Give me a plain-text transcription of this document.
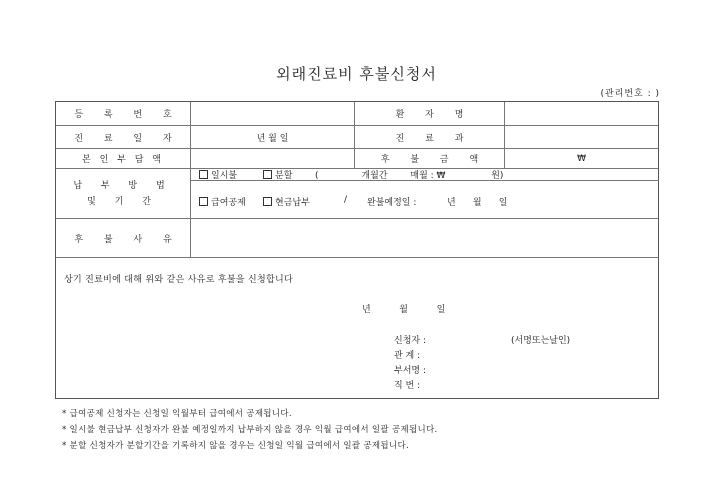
외래진료비 후불신청서
(관리번호 : )
등 록 번 호	환 자 명
진 료 일 자	년 월 일	진 료 과
본 인 부 담 액	후 불 금 액	₩
납 부 방 법
및 기 간
일시불	분할	(               개월간        매월 : ₩                원)
급여공제	현금납부	/ 완불예정일 :	년      월      일
후 불 사 유
상기 진료비에 대해 위와 같은 사유로 후불을 신청합니다
년          월          일
신청자 :	(서명또는날인)
관 계 :
부서명 :
직 번 :
* 급여공제 신청자는 신청일 익월부터 급여에서 공제됩니다.
* 일시불 현금납부 신청자가 완불 예정일까지 납부하지 않을 경우 익월 급여에서 일괄 공제됩니다.
* 분할 신청자가 분할기간을 기록하지 않을 경우는 신청일 익월 급여에서 일괄 공제됩니다.
